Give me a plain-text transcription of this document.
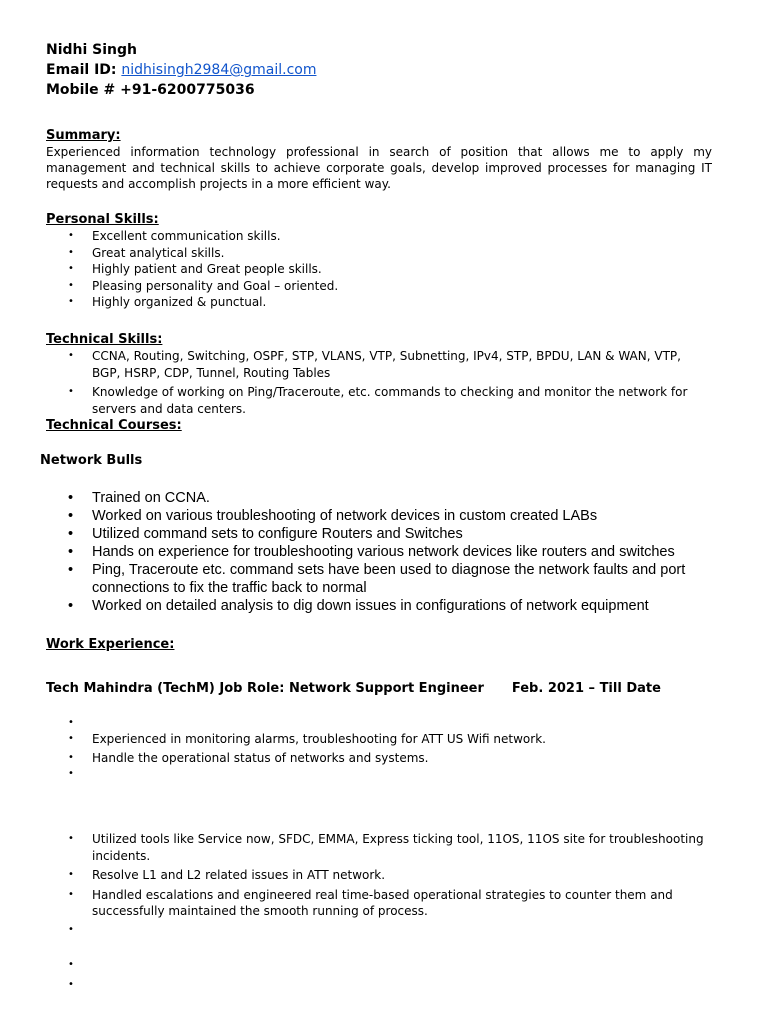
Nidhi Singh
Email ID: nidhisingh2984@gmail.com
Mobile # +91-6200775036
Summary:
Experienced information technology professional in search of position that allows me to apply my management and technical skills to achieve corporate goals, develop improved processes for managing IT requests and accomplish projects in a more efficient way.
Personal Skills:
• Excellent communication skills.
• Great analytical skills.
• Highly patient and Great people skills.
• Pleasing personality and Goal – oriented.
• Highly organized & punctual.
Technical Skills:
• CCNA, Routing, Switching, OSPF, STP, VLANS, VTP, Subnetting, IPv4, STP, BPDU, LAN & WAN, VTP, BGP, HSRP, CDP, Tunnel, Routing Tables
• Knowledge of working on Ping/Traceroute, etc. commands to checking and monitor the network for servers and data centers.
Technical Courses:
Network Bulls
• Trained on CCNA.
• Worked on various troubleshooting of network devices in custom created LABs
• Utilized command sets to configure Routers and Switches
• Hands on experience for troubleshooting various network devices like routers and switches
• Ping, Traceroute etc. command sets have been used to diagnose the network faults and port connections to fix the traffic back to normal
• Worked on detailed analysis to dig down issues in configurations of network equipment
Work Experience:
Tech Mahindra (TechM) Job Role: Network Support Engineer Feb. 2021 – Till Date
•
• Experienced in monitoring alarms, troubleshooting for ATT US Wifi network.
• Handle the operational status of networks and systems.
•
• Utilized tools like Service now, SFDC, EMMA, Express ticking tool, 11OS, 11OS site for troubleshooting incidents.
• Resolve L1 and L2 related issues in ATT network.
• Handled escalations and engineered real time-based operational strategies to counter them and successfully maintained the smooth running of process.
•
•
•
